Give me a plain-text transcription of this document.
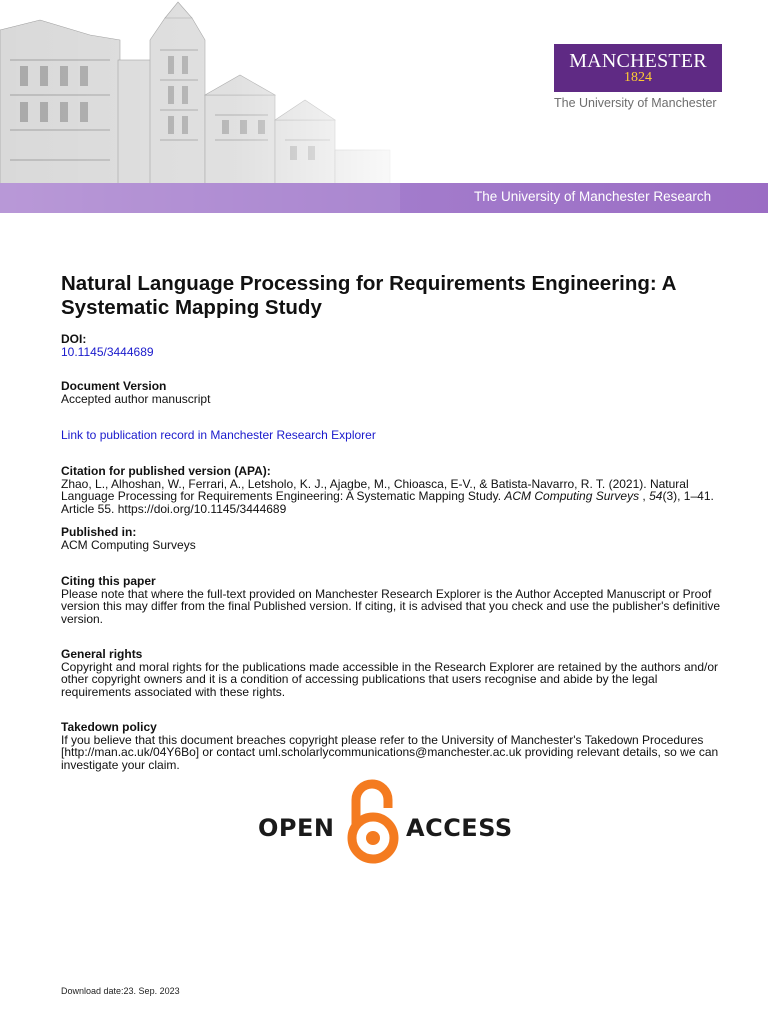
MANCHESTER
1824
The University of Manchester
The University of Manchester Research
Natural Language Processing for Requirements Engineering: A Systematic Mapping Study
DOI:
10.1145/3444689
Document Version
Accepted author manuscript
Link to publication record in Manchester Research Explorer
Citation for published version (APA):
Zhao, L., Alhoshan, W., Ferrari, A., Letsholo, K. J., Ajagbe, M., Chioasca, E-V., & Batista-Navarro, R. T. (2021). Natural Language Processing for Requirements Engineering: A Systematic Mapping Study. ACM Computing Surveys , 54(3), 1–41. Article 55. https://doi.org/10.1145/3444689
Published in:
ACM Computing Surveys
Citing this paper
Please note that where the full-text provided on Manchester Research Explorer is the Author Accepted Manuscript or Proof version this may differ from the final Published version. If citing, it is advised that you check and use the publisher's definitive version.
General rights
Copyright and moral rights for the publications made accessible in the Research Explorer are retained by the authors and/or other copyright owners and it is a condition of accessing publications that users recognise and abide by the legal requirements associated with these rights.
Takedown policy
If you believe that this document breaches copyright please refer to the University of Manchester's Takedown Procedures [http://man.ac.uk/04Y6Bo] or contact uml.scholarlycommunications@manchester.ac.uk providing relevant details, so we can investigate your claim.
OPEN	ACCESS
Download date:23. Sep. 2023
